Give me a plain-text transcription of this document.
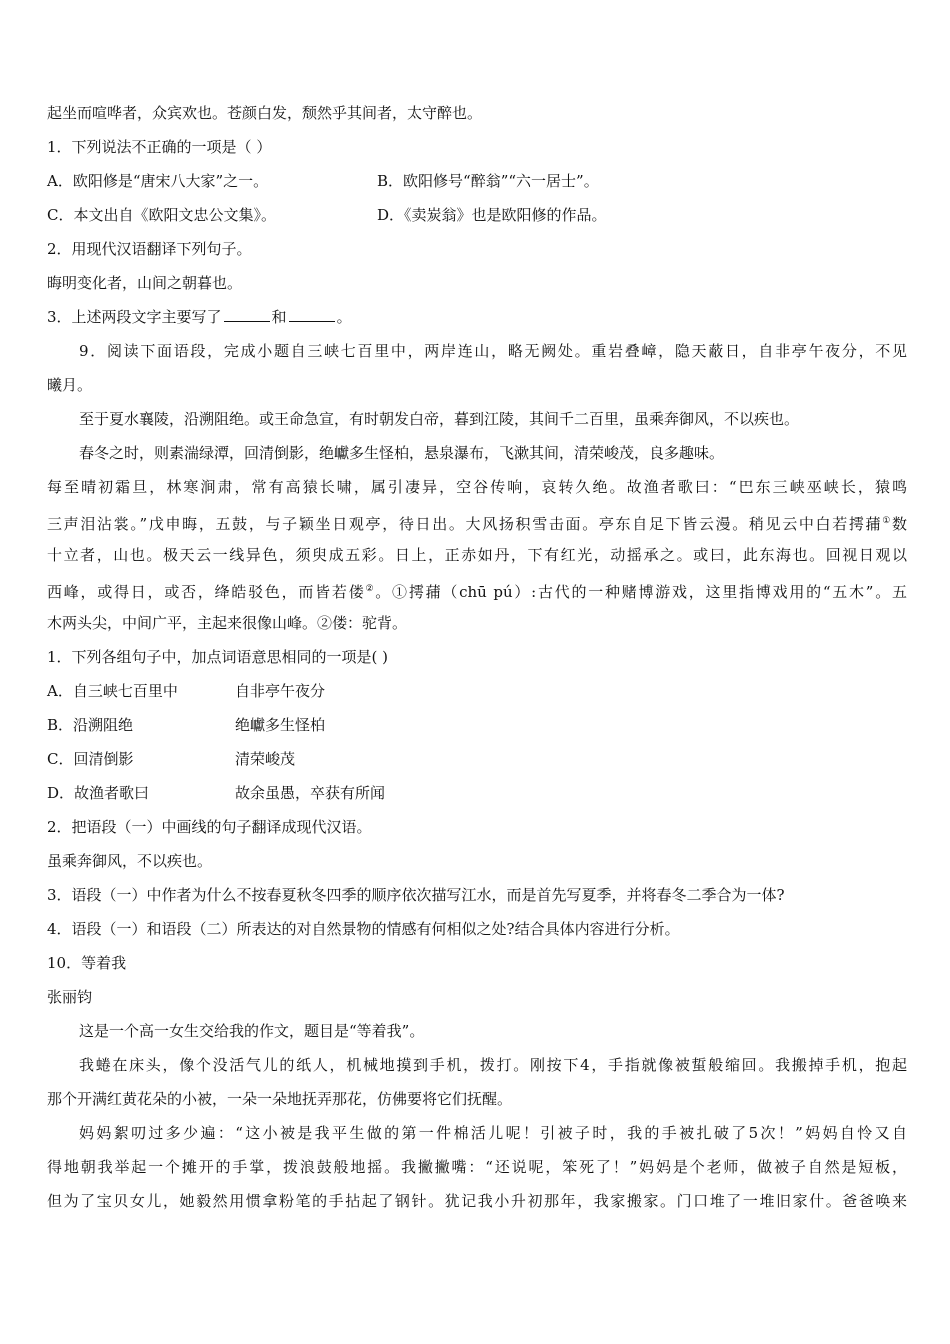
起坐而喧哗者，众宾欢也。苍颜白发，颓然乎其间者，太守醉也。
1．下列说法不正确的一项是（ ）
A．欧阳修是“唐宋八大家”之一。	B．欧阳修号“醉翁”“六一居士”。
C．本文出自《欧阳文忠公文集》。	D．《卖炭翁》也是欧阳修的作品。
2．用现代汉语翻译下列句子。
晦明变化者，山间之朝暮也。
3．上述两段文字主要写了	和	。
9．阅读下面语段，完成小题自三峡七百里中，两岸连山，略无阙处。重岩叠嶂，隐天蔽日，自非亭午夜分，不见
曦月。
至于夏水襄陵，沿溯阻绝。或王命急宣，有时朝发白帝，暮到江陵，其间千二百里，虽乘奔御风，不以疾也。
春冬之时，则素湍绿潭，回清倒影，绝巘多生怪柏，悬泉瀑布，飞漱其间，清荣峻茂，良多趣味。
每至晴初霜旦，林寒涧肃，常有高猿长啸，属引凄异，空谷传响，哀转久绝。故渔者歌曰：“巴东三峡巫峡长，猿鸣
三声泪沾裳。”戊申晦，五鼓，与子颖坐日观亭，待日出。大风扬积雪击面。亭东自足下皆云漫。稍见云中白若摴蒱①数
十立者，山也。极天云一线异色，须臾成五彩。日上，正赤如丹，下有红光，动摇承之。或曰，此东海也。回视日观以
西峰，或得日，或否，绛皓驳色，而皆若偻②。①摴蒱（chū pú）:古代的一种赌博游戏，这里指博戏用的“五木”。五
木两头尖，中间广平，主起来很像山峰。②偻：驼背。
1．下列各组句子中，加点词语意思相同的一项是( )
A．自三峡七百里中	自非亭午夜分
B．沿溯阻绝	绝巘多生怪柏
C．回清倒影	清荣峻茂
D．故渔者歌曰	故余虽愚，卒获有所闻
2．把语段（一）中画线的句子翻译成现代汉语。
虽乘奔御风，不以疾也。
3．语段（一）中作者为什么不按春夏秋冬四季的顺序依次描写江水，而是首先写夏季，并将春冬二季合为一体?
4．语段（一）和语段（二）所表达的对自然景物的情感有何相似之处?结合具体内容进行分析。
10．等着我
张丽钧
这是一个高一女生交给我的作文，题目是“等着我”。
我蜷在床头，像个没活气儿的纸人，机械地摸到手机，拨打。刚按下4，手指就像被蜇般缩回。我搬掉手机，抱起
那个开满红黄花朵的小被，一朵一朵地抚弄那花，仿佛要将它们抚醒。
妈妈絮叨过多少遍：“这小被是我平生做的第一件棉活儿呢！引被子时，我的手被扎破了5次！”妈妈自怜又自
得地朝我举起一个摊开的手掌，拨浪鼓般地摇。我撇撇嘴：“还说呢，笨死了！”妈妈是个老师，做被子自然是短板，
但为了宝贝女儿，她毅然用惯拿粉笔的手拈起了钢针。犹记我小升初那年，我家搬家。门口堆了一堆旧家什。爸爸唤来
